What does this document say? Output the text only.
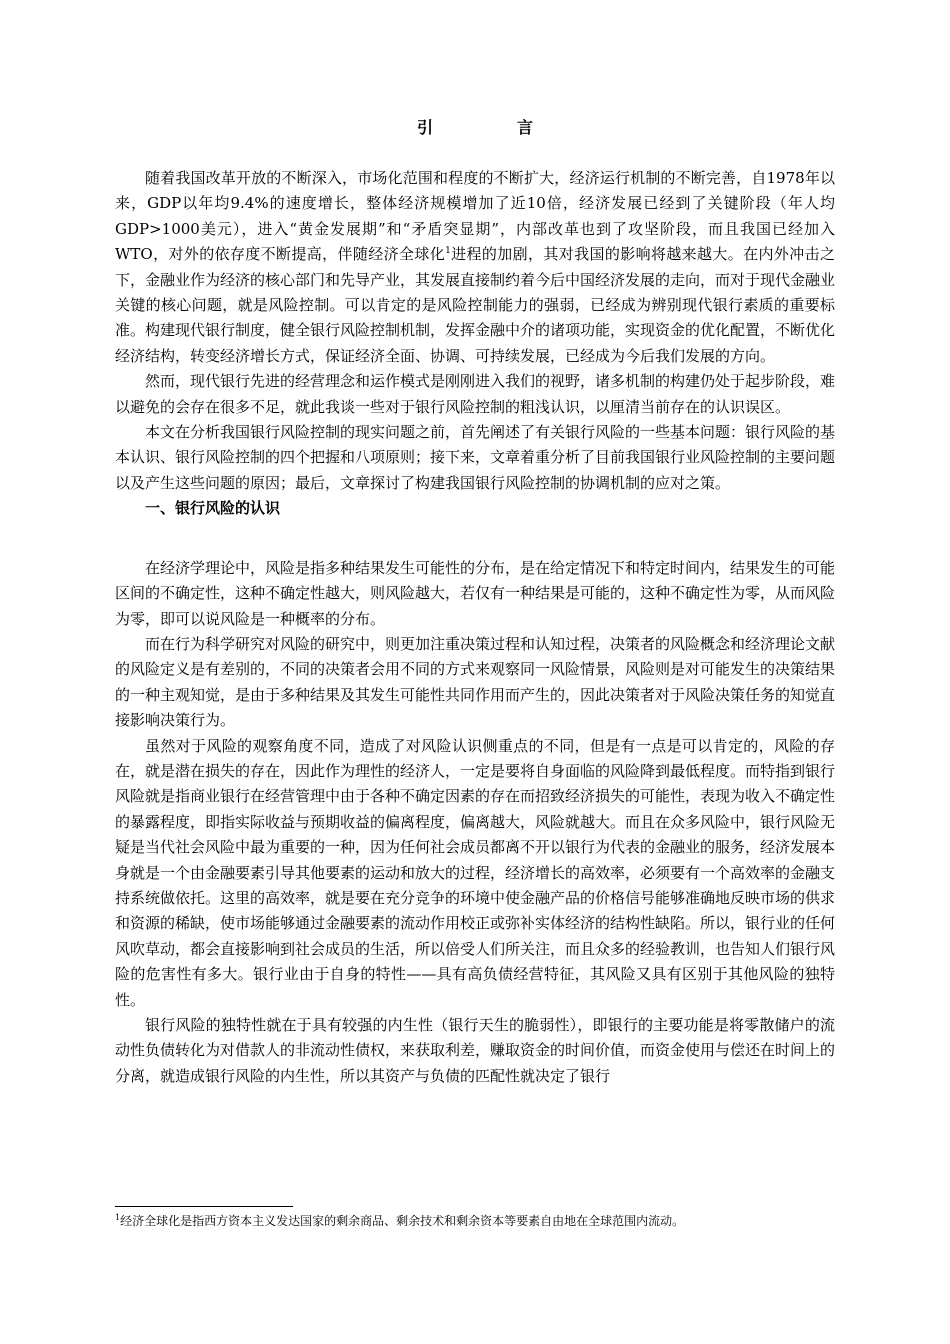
引　言

随着我国改革开放的不断深入，市场化范围和程度的不断扩大，经济运行机制的不断完善，自1978年以来，GDP以年均9.4%的速度增长，整体经济规模增加了近10倍，经济发展已经到了关键阶段（年人均GDP>1000美元），进入“黄金发展期”和“矛盾突显期”，内部改革也到了攻坚阶段，而且我国已经加入WTO，对外的依存度不断提高，伴随经济全球化$^1$进程的加剧，其对我国的影响将越来越大。在内外冲击之下，金融业作为经济的核心部门和先导产业，其发展直接制约着今后中国经济发展的走向，而对于现代金融业关键的核心问题，就是风险控制。可以肯定的是风险控制能力的强弱，已经成为辨别现代银行素质的重要标准。构建现代银行制度，健全银行风险控制机制，发挥金融中介的诸项功能，实现资金的优化配置，不断优化经济结构，转变经济增长方式，保证经济全面、协调、可持续发展，已经成为今后我们发展的方向。

然而，现代银行先进的经营理念和运作模式是刚刚进入我们的视野，诸多机制的构建仍处于起步阶段，难以避免的会存在很多不足，就此我谈一些对于银行风险控制的粗浅认识，以厘清当前存在的认识误区。

本文在分析我国银行风险控制的现实问题之前，首先阐述了有关银行风险的一些基本问题：银行风险的基本认识、银行风险控制的四个把握和八项原则；接下来，文章着重分析了目前我国银行业风险控制的主要问题以及产生这些问题的原因；最后，文章探讨了构建我国银行风险控制的协调机制的应对之策。

一、银行风险的认识

在经济学理论中，风险是指多种结果发生可能性的分布，是在给定情况下和特定时间内，结果发生的可能区间的不确定性，这种不确定性越大，则风险越大，若仅有一种结果是可能的，这种不确定性为零，从而风险为零，即可以说风险是一种概率的分布。

而在行为科学研究对风险的研究中，则更加注重决策过程和认知过程，决策者的风险概念和经济理论文献的风险定义是有差别的，不同的决策者会用不同的方式来观察同一风险情景，风险则是对可能发生的决策结果的一种主观知觉，是由于多种结果及其发生可能性共同作用而产生的，因此决策者对于风险决策任务的知觉直接影响决策行为。

虽然对于风险的观察角度不同，造成了对风险认识侧重点的不同，但是有一点是可以肯定的，风险的存在，就是潜在损失的存在，因此作为理性的经济人，一定是要将自身面临的风险降到最低程度。而特指到银行风险就是指商业银行在经营管理中由于各种不确定因素的存在而招致经济损失的可能性，表现为收入不确定性的暴露程度，即指实际收益与预期收益的偏离程度，偏离越大，风险就越大。而且在众多风险中，银行风险无疑是当代社会风险中最为重要的一种，因为任何社会成员都离不开以银行为代表的金融业的服务，经济发展本身就是一个由金融要素引导其他要素的运动和放大的过程，经济增长的高效率，必须要有一个高效率的金融支持系统做依托。这里的高效率，就是要在充分竞争的环境中使金融产品的价格信号能够准确地反映市场的供求和资源的稀缺，使市场能够通过金融要素的流动作用校正或弥补实体经济的结构性缺陷。所以，银行业的任何风吹草动，都会直接影响到社会成员的生活，所以倍受人们所关注，而且众多的经验教训，也告知人们银行风险的危害性有多大。银行业由于自身的特性——具有高负债经营特征，其风险又具有区别于其他风险的独特性。

银行风险的独特性就在于具有较强的内生性（银行天生的脆弱性），即银行的主要功能是将零散储户的流动性负债转化为对借款人的非流动性债权，来获取利差，赚取资金的时间价值，而资金使用与偿还在时间上的分离，就造成银行风险的内生性，所以其资产与负债的匹配性就决定了银行

$^1$经济全球化是指西方资本主义发达国家的剩余商品、剩余技术和剩余资本等要素自由地在全球范围内流动。
